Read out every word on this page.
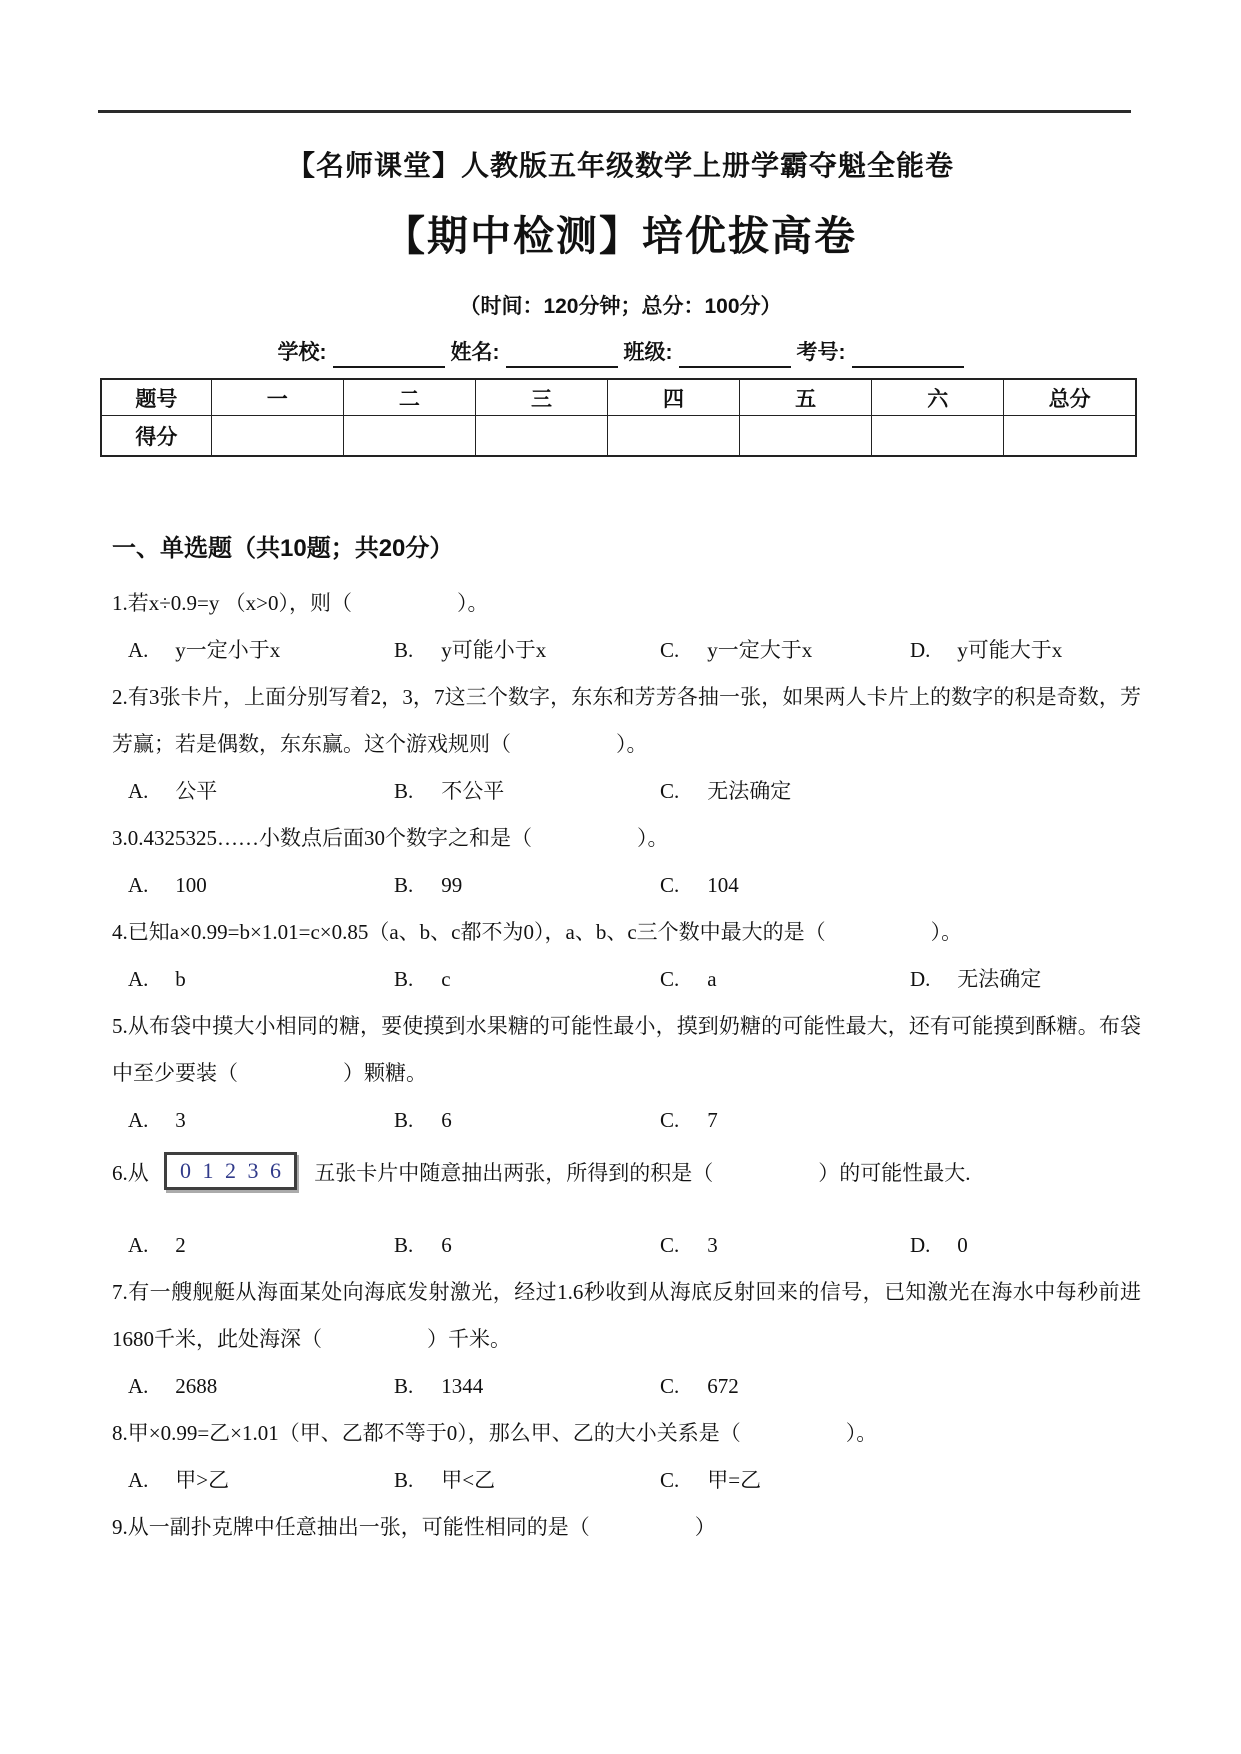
【名师课堂】人教版五年级数学上册学霸夺魁全能卷
【期中检测】培优拔高卷
（时间：120分钟；总分：100分）
学校:	姓名:	班级:	考号:
题号	一	二	三	四	五	六	总分
得分							
一、单选题（共10题；共20分）
1.若x÷0.9=y （x>0），则（　　　　　）。
A. y一定小于x	B. y可能小于x	C. y一定大于x	D. y可能大于x
2.有3张卡片，上面分别写着2，3，7这三个数字，东东和芳芳各抽一张，如果两人卡片上的数字的积是奇数，芳芳赢；若是偶数，东东赢。这个游戏规则（　　　　　）。
A. 公平	B. 不公平	C. 无法确定
3.0.4325325……小数点后面30个数字之和是（　　　　　）。
A. 100	B. 99	C. 104
4.已知a×0.99=b×1.01=c×0.85（a、b、c都不为0），a、b、c三个数中最大的是（　　　　　）。
A. b	B. c	C. a	D. 无法确定
5.从布袋中摸大小相同的糖，要使摸到水果糖的可能性最小，摸到奶糖的可能性最大，还有可能摸到酥糖。布袋中至少要装（　　　　　）颗糖。
A. 3	B. 6	C. 7
6.从 0 1 2 3 6 五张卡片中随意抽出两张，所得到的积是（　　　　　）的可能性最大.
A. 2	B. 6	C. 3	D. 0
7.有一艘舰艇从海面某处向海底发射激光，经过1.6秒收到从海底反射回来的信号，已知激光在海水中每秒前进1680千米，此处海深（　　　　　）千米。
A. 2688	B. 1344	C. 672
8.甲×0.99=乙×1.01（甲、乙都不等于0），那么甲、乙的大小关系是（　　　　　）。
A. 甲>乙	B. 甲<乙	C. 甲=乙
9.从一副扑克牌中任意抽出一张，可能性相同的是（　　　　　）
